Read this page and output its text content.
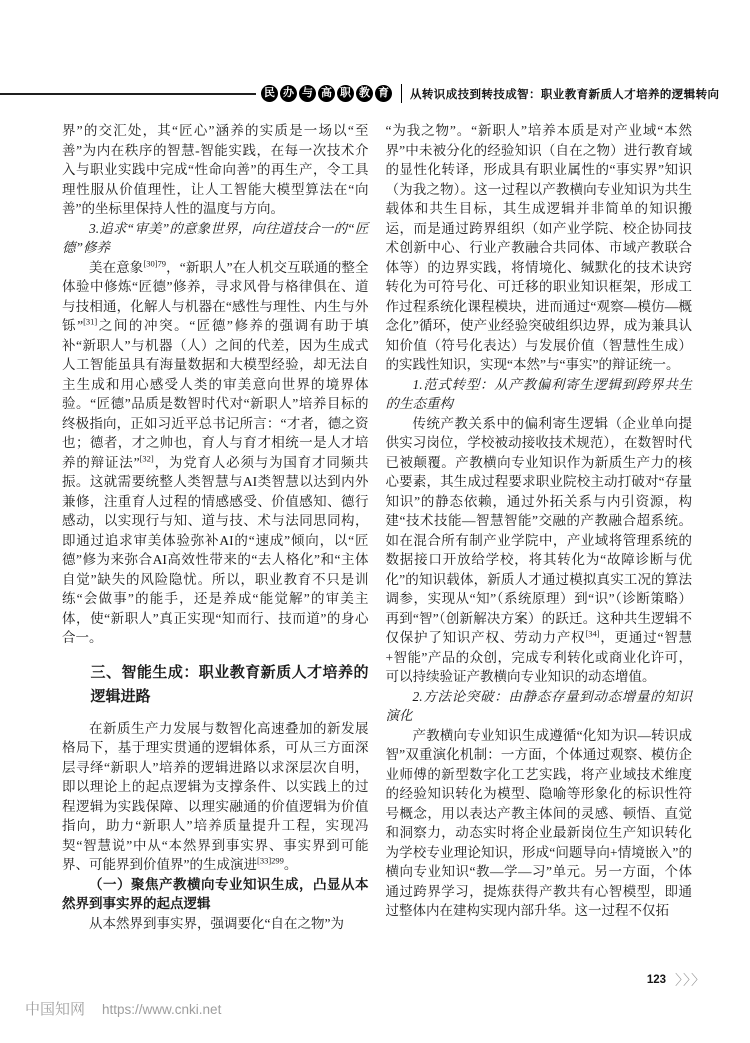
民 办 与 高 职 教 育 从转识成技到转技成智：职业教育新质人才培养的逻辑转向

界”的交汇处，其“匠心”涵养的实质是一场以“至善”为内在秩序的智慧-智能实践，在每一次技术介入与职业实践中完成“性命向善”的再生产，令工具理性服从价值理性，让人工智能大模型算法在“向善”的坐标里保持人性的温度与方向。

3.追求“审美”的意象世界，向往道技合一的“匠德”修养

美在意象$^{[30]79}$，“新职人”在人机交互联通的整全体验中修炼“匠德”修养，寻求风骨与格律俱在、道与技相通，化解人与机器在“感性与理性、内生与外铄”[31]之间的冲突。“匠德”修养的强调有助于填补“新职人”与机器（人）之间的代差，因为生成式人工智能虽具有海量数据和大模型经验，却无法自主生成和用心感受人类的审美意向世界的境界体验。“匠德”品质是数智时代对“新职人”培养目标的终极指向，正如习近平总书记所言：“才者，德之资也；德者，才之帅也，育人与育才相统一是人才培养的辩证法”[32]，为党育人必须与为国育才同频共振。这就需要统整人类智慧与AI类智慧以达到内外兼修，注重育人过程的情感感受、价值感知、德行感动，以实现行与知、道与技、术与法同思同构，即通过追求审美体验弥补AI的“速成”倾向，以“匠德”修为来弥合AI高效性带来的“去人格化”和“主体自觉”缺失的风险隐忧。所以，职业教育不只是训练“会做事”的能手，还是养成“能觉解”的审美主体，使“新职人”真正实现“知而行、技而道”的身心合一。

三、智能生成：职业教育新质人才培养的逻辑进路

在新质生产力发展与数智化高速叠加的新发展格局下，基于理实贯通的逻辑体系，可从三方面深层寻绎“新职人”培养的逻辑进路以求深层次自明，即以理论上的起点逻辑为支撑条件、以实践上的过程逻辑为实践保障、以理实融通的价值逻辑为价值指向，助力“新职人”培养质量提升工程，实现冯契“智慧说”中从“本然界到事实界、事实界到可能界、可能界到价值界”的生成演进$^{[33]299}$。

（一）聚焦产教横向专业知识生成，凸显从本然界到事实界的起点逻辑

从本然界到事实界，强调要化“自在之物”为

“为我之物”。“新职人”培养本质是对产业域“本然界”中未被分化的经验知识（自在之物）进行教育域的显性化转译，形成具有职业属性的“事实界”知识（为我之物）。这一过程以产教横向专业知识为共生载体和共生目标，其生成逻辑并非简单的知识搬运，而是通过跨界组织（如产业学院、校企协同技术创新中心、行业产教融合共同体、市域产教联合体等）的边界实践，将情境化、缄默化的技术诀窍转化为可符号化、可迁移的职业知识框架，形成工作过程系统化课程模块，进而通过“观察—模仿—概念化”循环，使产业经验突破组织边界，成为兼具认知价值（符号化表达）与发展价值（智慧性生成）的实践性知识，实现“本然”与“事实”的辩证统一。

1.范式转型：从产教偏利寄生逻辑到跨界共生的生态重构

传统产教关系中的偏利寄生逻辑（企业单向提供实习岗位，学校被动接收技术规范），在数智时代已被颠覆。产教横向专业知识作为新质生产力的核心要素，其生成过程要求职业院校主动打破对“存量知识”的静态依赖，通过外拓关系与内引资源，构建“技术技能—智慧智能”交融的产教融合超系统。如在混合所有制产业学院中，产业域将管理系统的数据接口开放给学校，将其转化为“故障诊断与优化”的知识载体，新质人才通过模拟真实工况的算法调参，实现从“知”（系统原理）到“识”（诊断策略）再到“智”（创新解决方案）的跃迁。这种共生逻辑不仅保护了知识产权、劳动力产权[34]，更通过“智慧+智能”产品的众创，完成专利转化或商业化许可，可以持续验证产教横向专业知识的动态增值。

2.方法论突破：由静态存量到动态增量的知识演化

产教横向专业知识生成遵循“化知为识—转识成智”双重演化机制：一方面，个体通过观察、模仿企业师傅的新型数字化工艺实践，将产业域技术维度的经验知识转化为模型、隐喻等形象化的标识性符号概念，用以表达产教主体间的灵感、顿悟、直觉和洞察力，动态实时将企业最新岗位生产知识转化为学校专业理论知识，形成“问题导向+情境嵌入”的横向专业知识“教—学—习”单元。另一方面，个体通过跨界学习，提炼获得产教共有心智模型，即通过整体内在建构实现内部升华。这一过程不仅拓

123 〉〉〉
中国知网 https://www.cnki.net
